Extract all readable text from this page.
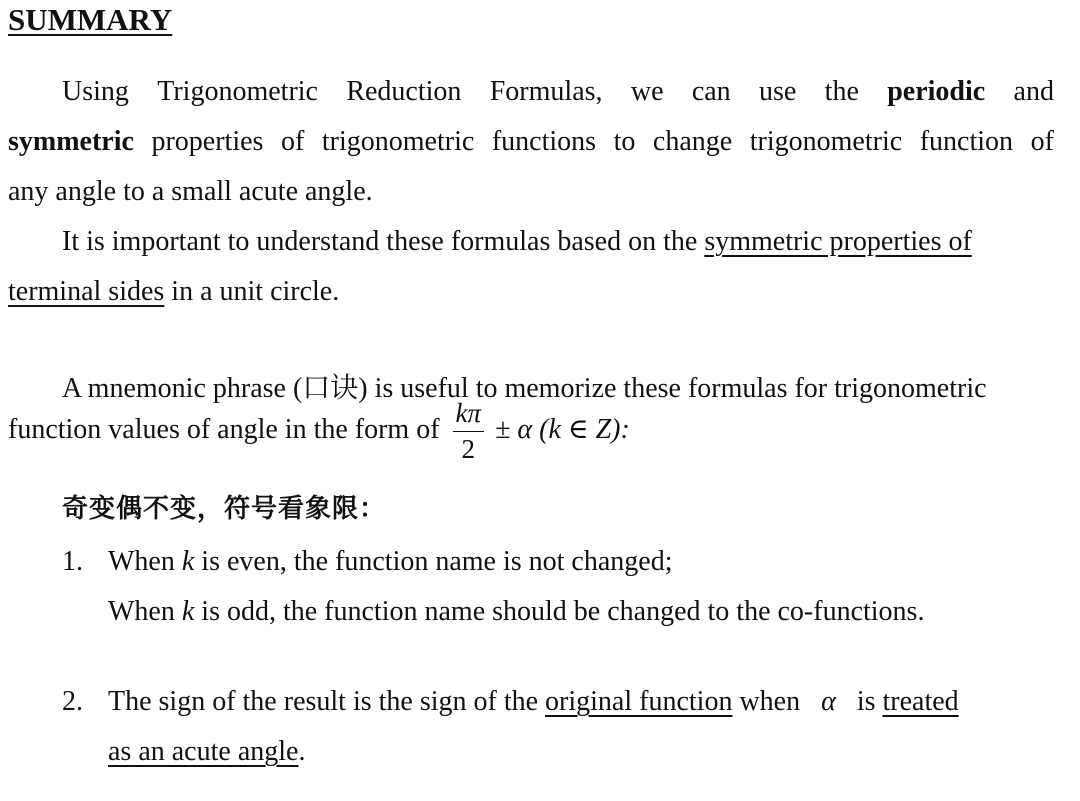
SUMMARY
Using Trigonometric Reduction Formulas, we can use the periodic and
symmetric properties of trigonometric functions to change trigonometric function of
any angle to a small acute angle.
It is important to understand these formulas based on the symmetric properties of
terminal sides in a unit circle.
A mnemonic phrase (口诀) is useful to memorize these formulas for trigonometric
function values of angle in the form of $\frac{k\pi}{2} \pm \alpha$ (k ∈ Z):
奇变偶不变，符号看象限：
1. When k is even, the function name is not changed;
When k is odd, the function name should be changed to the co-functions.
2. The sign of the result is the sign of the original function when α is treated
as an acute angle.
